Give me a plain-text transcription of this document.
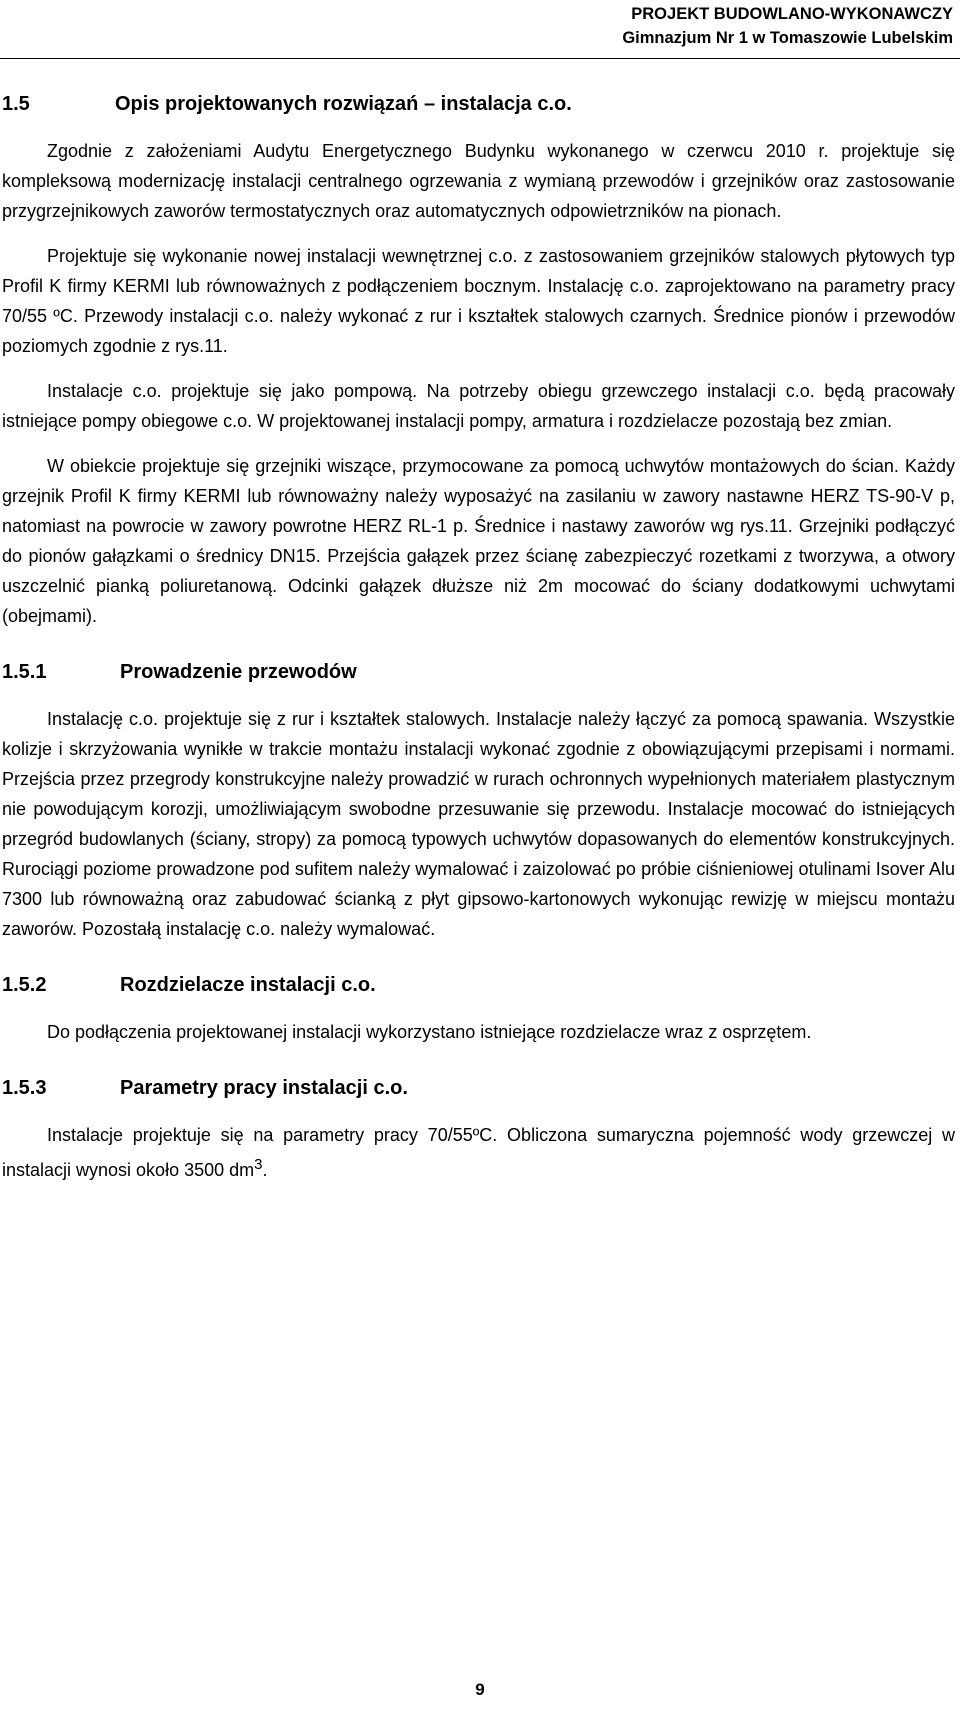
PROJEKT BUDOWLANO-WYKONAWCZY
Gimnazjum Nr 1 w Tomaszowie Lubelskim
1.5	Opis projektowanych rozwiązań – instalacja c.o.

Zgodnie z założeniami Audytu Energetycznego Budynku wykonanego w czerwcu 2010 r. projektuje się kompleksową modernizację instalacji centralnego ogrzewania z wymianą przewodów i grzejników oraz zastosowanie przygrzejnikowych zaworów termostatycznych oraz automatycznych odpowietrzników na pionach.

Projektuje się wykonanie nowej instalacji wewnętrznej c.o. z zastosowaniem grzejników stalowych płytowych typ Profil K firmy KERMI lub równoważnych z podłączeniem bocznym. Instalację c.o. zaprojektowano na parametry pracy 70/55 ºC. Przewody instalacji c.o. należy wykonać z rur i kształtek stalowych czarnych. Średnice pionów i przewodów poziomych zgodnie z rys.11.

Instalacje c.o. projektuje się jako pompową. Na potrzeby obiegu grzewczego instalacji c.o. będą pracowały istniejące pompy obiegowe c.o. W projektowanej instalacji pompy, armatura i rozdzielacze pozostają bez zmian.

W obiekcie projektuje się grzejniki wiszące, przymocowane za pomocą uchwytów montażowych do ścian. Każdy grzejnik Profil K firmy KERMI lub równoważny należy wyposażyć na zasilaniu w zawory nastawne HERZ TS-90-V p, natomiast na powrocie w zawory powrotne HERZ RL-1 p. Średnice i nastawy zaworów wg rys.11. Grzejniki podłączyć do pionów gałązkami o średnicy DN15. Przejścia gałązek przez ścianę zabezpieczyć rozetkami z tworzywa, a otwory uszczelnić pianką poliuretanową. Odcinki gałązek dłuższe niż 2m mocować do ściany dodatkowymi uchwytami (obejmami).

1.5.1	Prowadzenie przewodów

Instalację c.o. projektuje się z rur i kształtek stalowych. Instalacje należy łączyć za pomocą spawania. Wszystkie kolizje i skrzyżowania wynikłe w trakcie montażu instalacji wykonać zgodnie z obowiązującymi przepisami i normami. Przejścia przez przegrody konstrukcyjne należy prowadzić w rurach ochronnych wypełnionych materiałem plastycznym nie powodującym korozji, umożliwiającym swobodne przesuwanie się przewodu. Instalacje mocować do istniejących przegród budowlanych (ściany, stropy) za pomocą typowych uchwytów dopasowanych do elementów konstrukcyjnych. Rurociągi poziome prowadzone pod sufitem należy wymalować i zaizolować po próbie ciśnieniowej otulinami Isover Alu 7300 lub równoważną oraz zabudować ścianką z płyt gipsowo-kartonowych wykonując rewizję w miejscu montażu zaworów. Pozostałą instalację c.o. należy wymalować.

1.5.2	Rozdzielacze instalacji c.o.

Do podłączenia projektowanej instalacji wykorzystano istniejące rozdzielacze wraz z osprzętem.

1.5.3	Parametry pracy instalacji c.o.

Instalacje projektuje się na parametry pracy 70/55ºC. Obliczona sumaryczna pojemność wody grzewczej w instalacji wynosi około 3500 $dm^3$.

9
